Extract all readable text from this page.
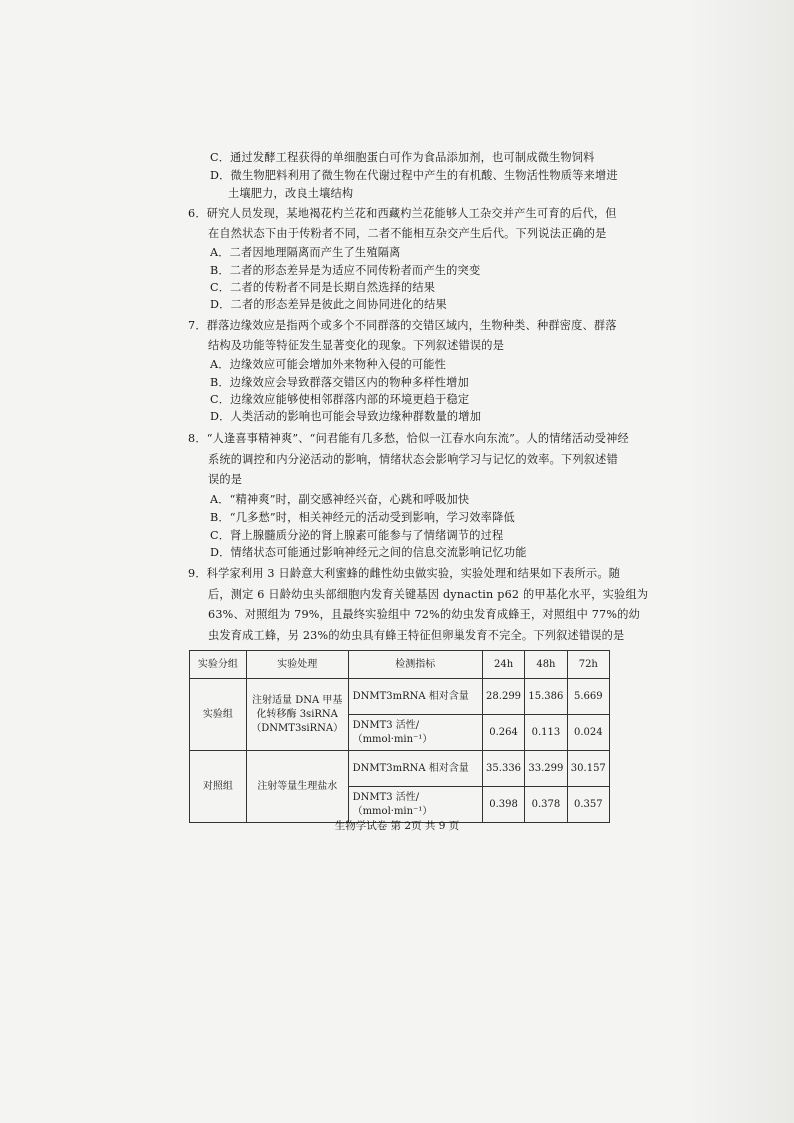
C．通过发酵工程获得的单细胞蛋白可作为食品添加剂，也可制成微生物饲料
D．微生物肥料利用了微生物在代谢过程中产生的有机酸、生物活性物质等来增进
土壤肥力，改良土壤结构
6．研究人员发现，某地褐花杓兰花和西藏杓兰花能够人工杂交并产生可育的后代，但
在自然状态下由于传粉者不同，二者不能相互杂交产生后代。下列说法正确的是
A．二者因地理隔离而产生了生殖隔离
B．二者的形态差异是为适应不同传粉者而产生的突变
C．二者的传粉者不同是长期自然选择的结果
D．二者的形态差异是彼此之间协同进化的结果
7．群落边缘效应是指两个或多个不同群落的交错区域内，生物种类、种群密度、群落
结构及功能等特征发生显著变化的现象。下列叙述错误的是
A．边缘效应可能会增加外来物种入侵的可能性
B．边缘效应会导致群落交错区内的物种多样性增加
C．边缘效应能够使相邻群落内部的环境更趋于稳定
D．人类活动的影响也可能会导致边缘种群数量的增加
8．“人逢喜事精神爽”、“问君能有几多愁，恰似一江春水向东流”。人的情绪活动受神经
系统的调控和内分泌活动的影响，情绪状态会影响学习与记忆的效率。下列叙述错
误的是
A．“精神爽”时，副交感神经兴奋，心跳和呼吸加快
B．“几多愁”时，相关神经元的活动受到影响，学习效率降低
C．肾上腺髓质分泌的肾上腺素可能参与了情绪调节的过程
D．情绪状态可能通过影响神经元之间的信息交流影响记忆功能
9．科学家利用 3 日龄意大利蜜蜂的雌性幼虫做实验，实验处理和结果如下表所示。随
后，测定 6 日龄幼虫头部细胞内发育关键基因 dynactin p62 的甲基化水平，实验组为
63%、对照组为 79%，且最终实验组中 72%的幼虫发育成蜂王，对照组中 77%的幼
虫发育成工蜂，另 23%的幼虫具有蜂王特征但卵巢发育不完全。下列叙述错误的是
实验分组	实验处理	检测指标	24h	48h	72h
实验组	注射适量 DNA 甲基化转移酶 3siRNA（DNMT3siRNA）	DNMT3mRNA 相对含量	28.299	15.386	5.669
		DNMT3 活性/（mmol·min⁻¹）	0.264	0.113	0.024
对照组	注射等量生理盐水	DNMT3mRNA 相对含量	35.336	33.299	30.157
		DNMT3 活性/（mmol·min⁻¹）	0.398	0.378	0.357
生物学试卷 第 2页 共 9 页
